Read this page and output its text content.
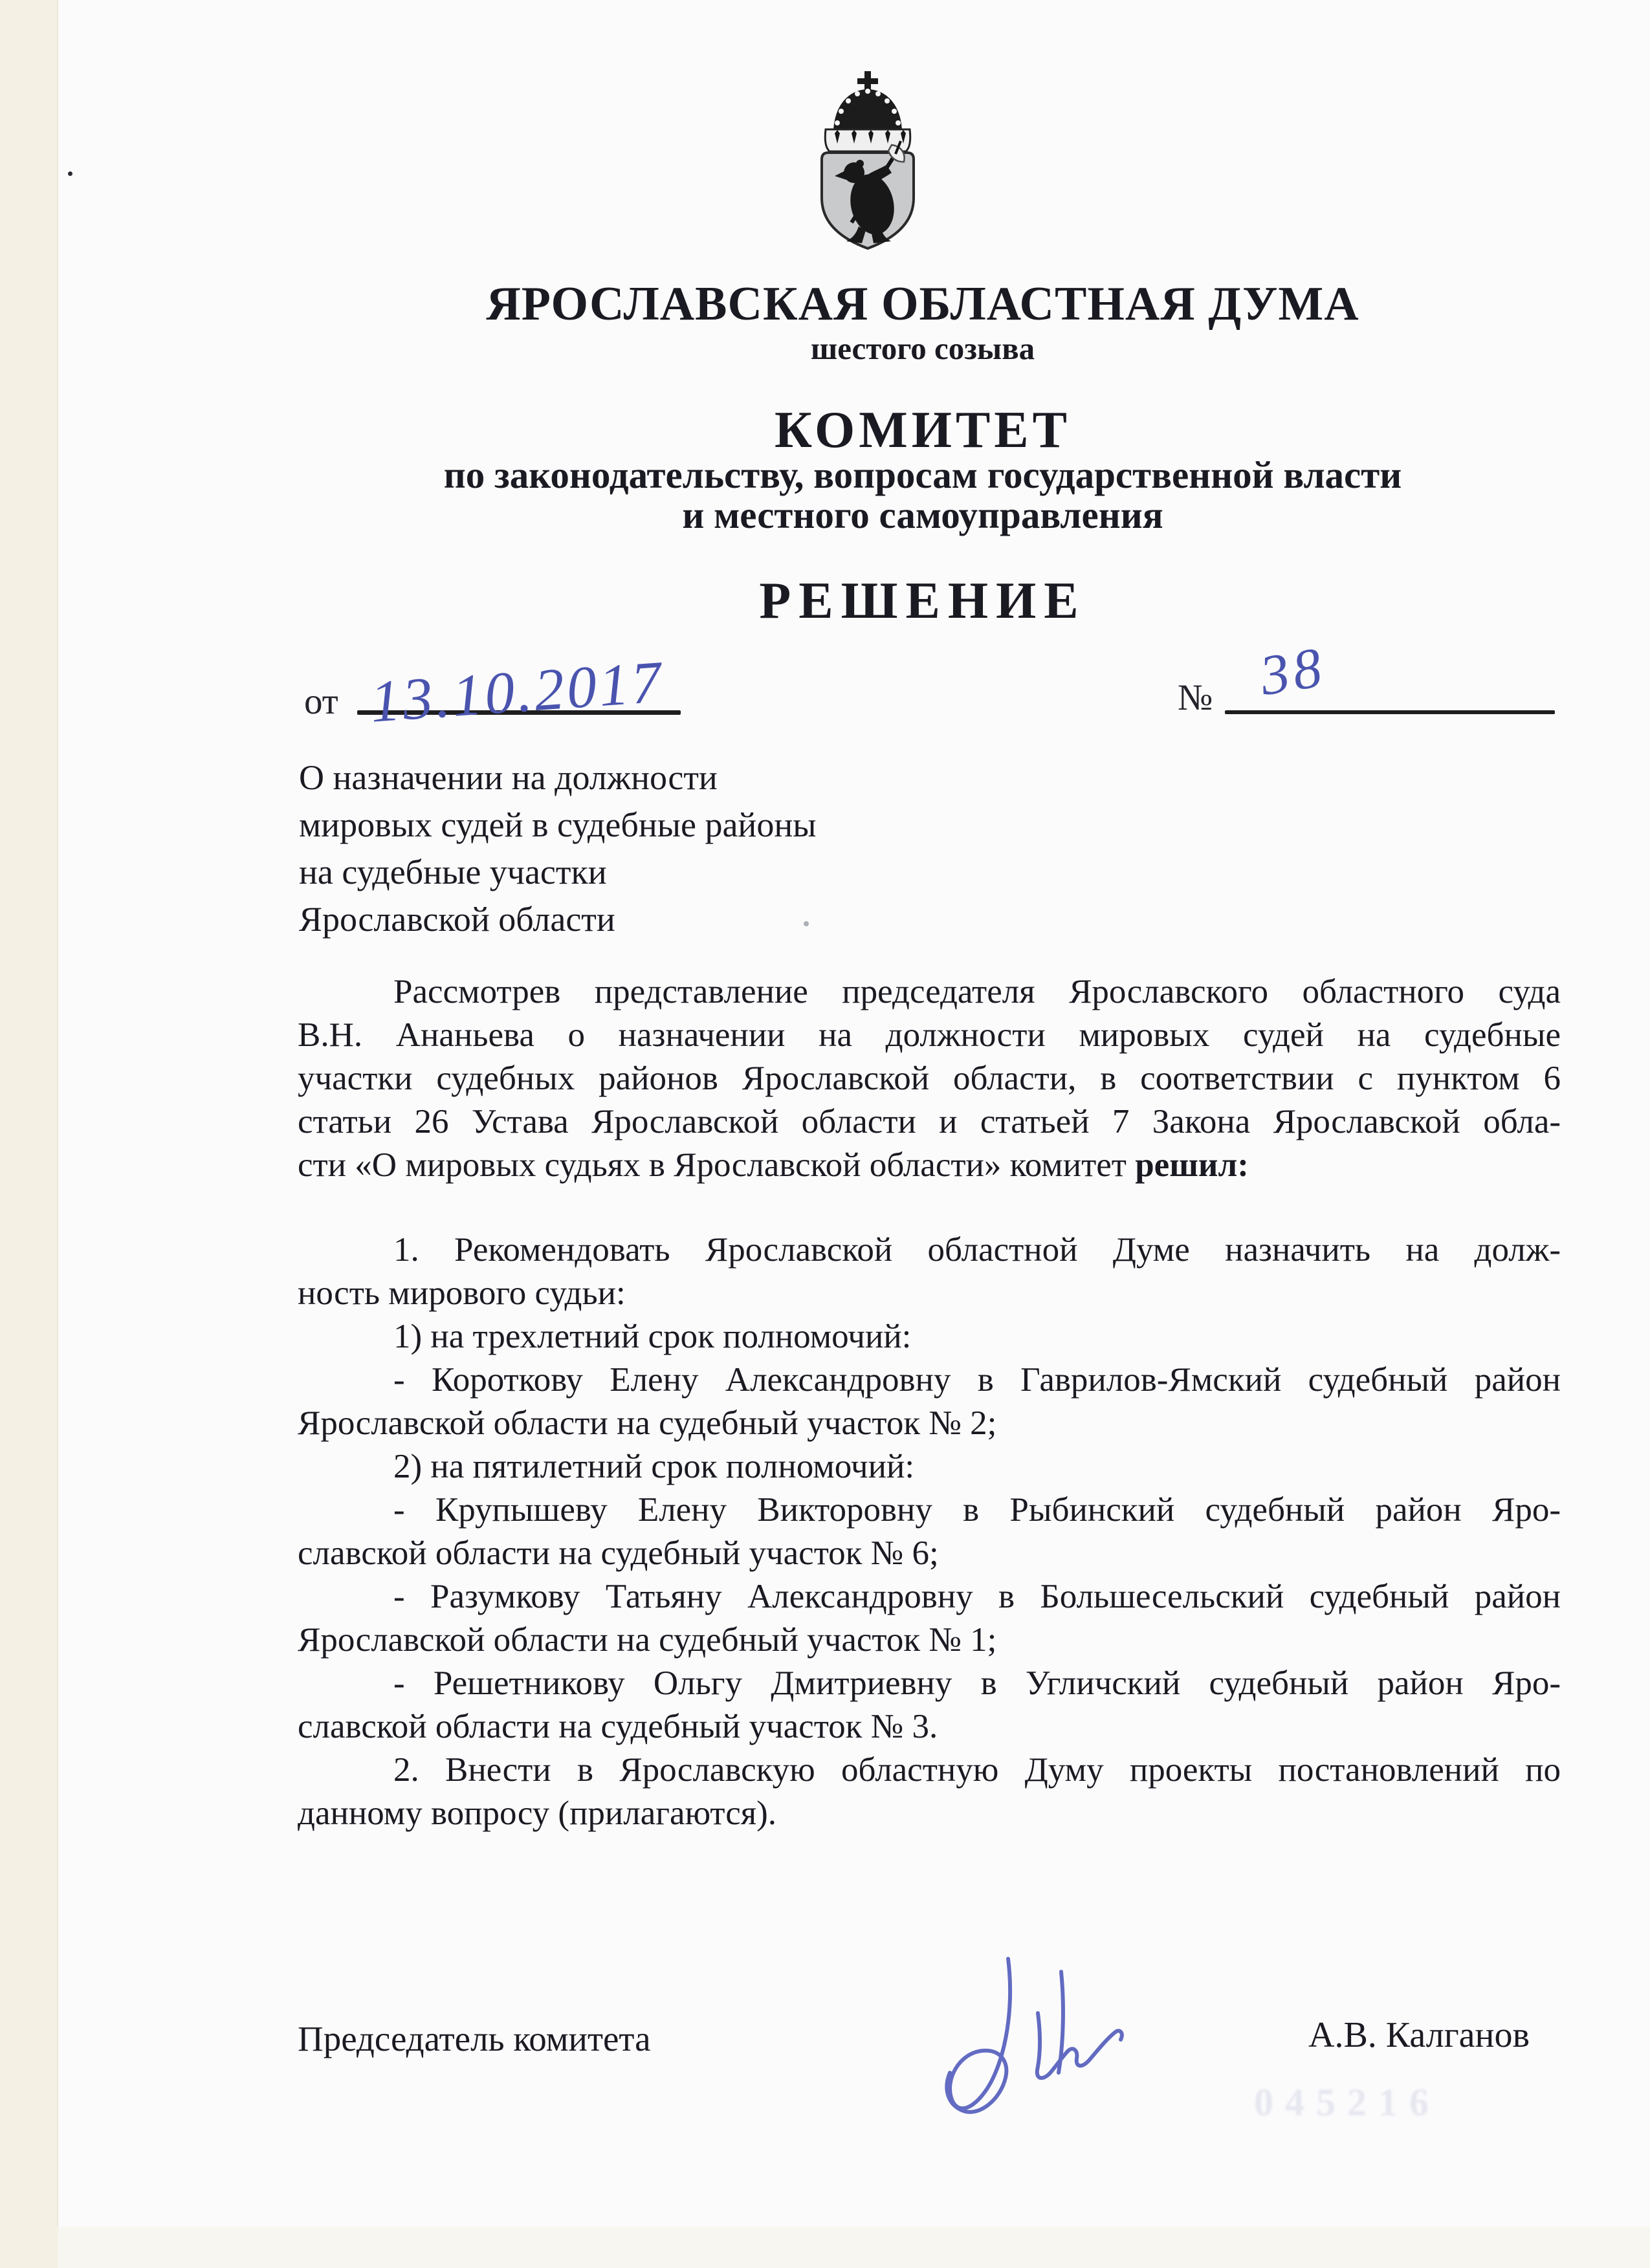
ЯРОСЛАВСКАЯ ОБЛАСТНАЯ ДУМА
шестого созыва
КОМИТЕТ
по законодательству, вопросам государственной власти
и местного самоуправления
РЕШЕНИЕ
от 13.10.2017	№ 38
О назначении на должности
мировых судей в судебные районы
на судебные участки
Ярославской области
Рассмотрев представление председателя Ярославского областного суда
В.Н. Ананьева о назначении на должности мировых судей на судебные
участки судебных районов Ярославской области, в соответствии с пунктом 6
статьи 26 Устава Ярославской области и статьей 7 Закона Ярославской обла-
сти «О мировых судьях в Ярославской области» комитет решил:
1. Рекомендовать Ярославской областной Думе назначить на долж-
ность мирового судьи:
1) на трехлетний срок полномочий:
- Короткову Елену Александровну в Гаврилов-Ямский судебный район
Ярославской области на судебный участок № 2;
2) на пятилетний срок полномочий:
- Крупышеву Елену Викторовну в Рыбинский судебный район Яро-
славской области на судебный участок № 6;
- Разумкову Татьяну Александровну в Большесельский судебный район
Ярославской области на судебный участок № 1;
- Решетникову Ольгу Дмитриевну в Угличский судебный район Яро-
славской области на судебный участок № 3.
2. Внести в Ярославскую областную Думу проекты постановлений по
данному вопросу (прилагаются).
Председатель комитета	А.В. Калганов
045216
